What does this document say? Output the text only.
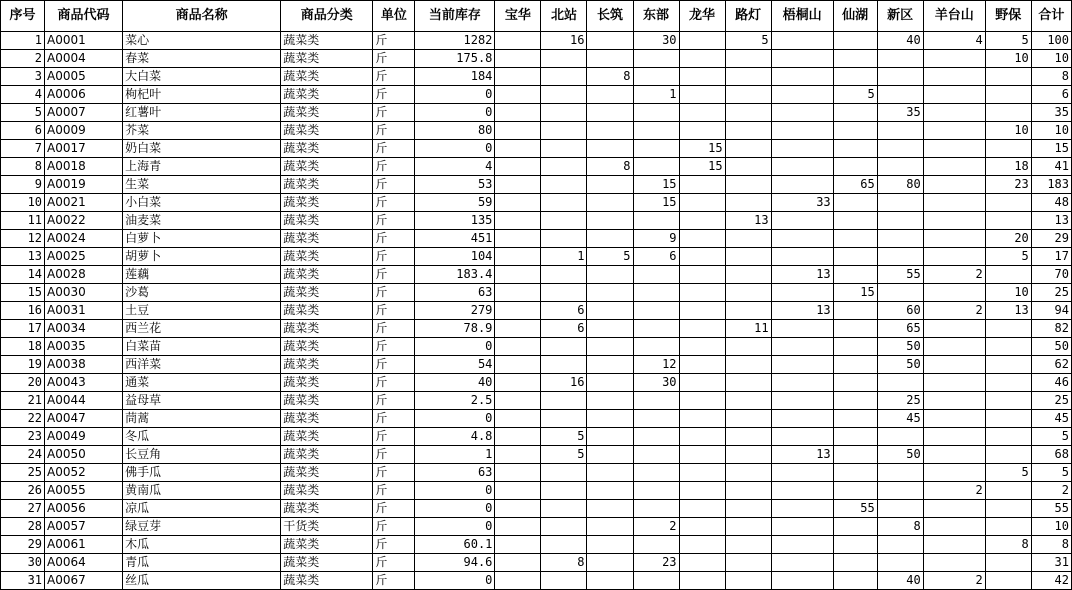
序号	商品代码	商品名称	商品分类	单位	当前库存	宝华	北站	长筑	东部	龙华	路灯	梧桐山	仙湖	新区	羊台山	野保	合计
1	A0001	菜心	蔬菜类	斤	1282		16		30		5			40	4	5	100
2	A0004	春菜	蔬菜类	斤	175.8											10	10
3	A0005	大白菜	蔬菜类	斤	184			8									8
4	A0006	枸杞叶	蔬菜类	斤	0				1				5				6
5	A0007	红薯叶	蔬菜类	斤	0									35			35
6	A0009	芥菜	蔬菜类	斤	80											10	10
7	A0017	奶白菜	蔬菜类	斤	0					15							15
8	A0018	上海青	蔬菜类	斤	4			8		15						18	41
9	A0019	生菜	蔬菜类	斤	53				15				65	80		23	183
10	A0021	小白菜	蔬菜类	斤	59				15			33					48
11	A0022	油麦菜	蔬菜类	斤	135						13						13
12	A0024	白萝卜	蔬菜类	斤	451				9							20	29
13	A0025	胡萝卜	蔬菜类	斤	104		1	5	6							5	17
14	A0028	莲藕	蔬菜类	斤	183.4							13		55	2		70
15	A0030	沙葛	蔬菜类	斤	63								15			10	25
16	A0031	土豆	蔬菜类	斤	279		6					13		60	2	13	94
17	A0034	西兰花	蔬菜类	斤	78.9		6				11			65			82
18	A0035	白菜苗	蔬菜类	斤	0									50			50
19	A0038	西洋菜	蔬菜类	斤	54				12					50			62
20	A0043	通菜	蔬菜类	斤	40		16		30								46
21	A0044	益母草	蔬菜类	斤	2.5									25			25
22	A0047	茼蒿	蔬菜类	斤	0									45			45
23	A0049	冬瓜	蔬菜类	斤	4.8		5										5
24	A0050	长豆角	蔬菜类	斤	1		5					13		50			68
25	A0052	佛手瓜	蔬菜类	斤	63											5	5
26	A0055	黄南瓜	蔬菜类	斤	0										2		2
27	A0056	凉瓜	蔬菜类	斤	0								55				55
28	A0057	绿豆芽	干货类	斤	0				2					8			10
29	A0061	木瓜	蔬菜类	斤	60.1											8	8
30	A0064	青瓜	蔬菜类	斤	94.6		8		23								31
31	A0067	丝瓜	蔬菜类	斤	0									40	2		42
